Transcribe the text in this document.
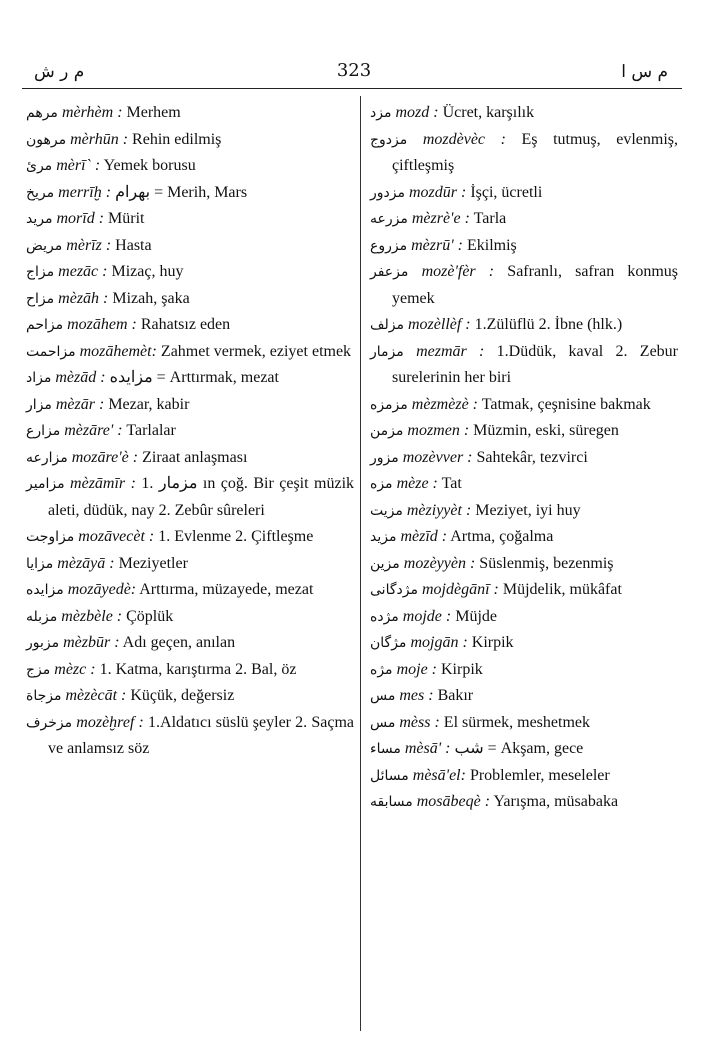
م ر ش	323	م س ا
مرهم mèrhèm : Merhem
مرهون mèrhūn : Rehin edilmiş
مرئ mèrī` : Yemek borusu
مريخ merrīḫ : بهرام = Merih, Mars
مريد morīd : Mürit
مريض mèrīz : Hasta
مزاج mezāc : Mizaç, huy
مزاح mèzāh : Mizah, şaka
مزاحم mozāhem : Rahatsız eden
مزاحمت mozāhemèt: Zahmet vermek, eziyet etmek
مزاد mèzād : مزايده = Arttırmak, mezat
مزار mèzār : Mezar, kabir
مزارع mèzāre' : Tarlalar
مزارعه mozāre'è : Ziraat anlaşması
مزامير mèzāmīr : 1. مزمار ın çoğ. Bir çeşit müzik aleti, düdük, nay 2. Zebûr sûreleri
مزاوجت mozāvecèt : 1. Evlenme 2. Çiftleşme
مزايا mèzāyā : Meziyetler
مزايده mozāyedè: Arttırma, müzayede, mezat
مزبله mèzbèle : Çöplük
مزبور mèzbūr : Adı geçen, anılan
مزج mèzc : 1. Katma, karıştırma 2. Bal, öz
مزجاة mèzècāt : Küçük, değersiz
مزخرف mozèḫref : 1.Aldatıcı süslü şeyler 2. Saçma ve anlamsız söz
مزد mozd : Ücret, karşılık
مزدوج mozdèvèc : Eş tutmuş, evlenmiş, çiftleşmiş
مزدور mozdūr : İşçi, ücretli
مزرعه mèzrè'e : Tarla
مزروع mèzrū' : Ekilmiş
مزعفر mozè'fèr : Safranlı, safran konmuş yemek
مزلف mozèllèf : 1.Zülüflü 2. İbne (hlk.)
مزمار mezmār : 1.Düdük, kaval 2. Zebur surelerinin her biri
مزمزه mèzmèzè : Tatmak, çeşnisine bakmak
مزمن mozmen : Müzmin, eski, süregen
مزور mozèvver : Sahtekâr, tezvirci
مزه mèze : Tat
مزيت mèziyyèt : Meziyet, iyi huy
مزيد mèzīd : Artma, çoğalma
مزين mozèyyèn : Süslenmiş, bezenmiş
مژدگانى mojdègānī : Müjdelik, mükâfat
مژده mojde : Müjde
مژگان mojgān : Kirpik
مژه moje : Kirpik
مس mes : Bakır
مس mèss : El sürmek, meshetmek
مساء mèsā' : شب = Akşam, gece
مسائل mèsā'el: Problemler, meseleler
مسابقه mosābeqè : Yarışma, müsabaka
